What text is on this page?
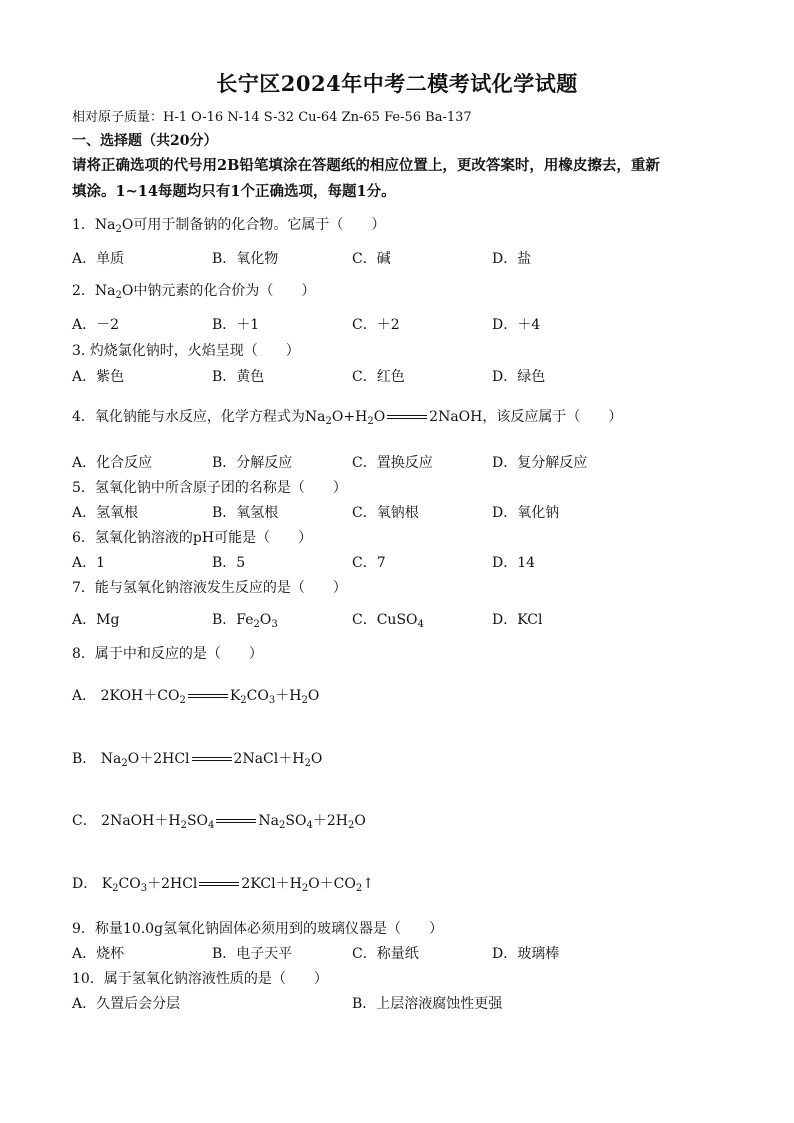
长宁区2024年中考二模考试化学试题
相对原子质量：H-1 O-16 N-14 S-32 Cu-64 Zn-65 Fe-56 Ba-137
一、选择题（共20分）
请将正确选项的代号用2B铅笔填涂在答题纸的相应位置上，更改答案时，用橡皮擦去，重新
填涂。1~14每题均只有1个正确选项，每题1分。
1．$Na_2O$可用于制备钠的化合物。它属于（　　）
A．单质	B．氧化物	C．碱	D．盐
2．$Na_2O$中钠元素的化合价为（　　）
A．－2	B．＋1	C．＋2	D．＋4
3. 灼烧氯化钠时，火焰呈现（　　）
A．紫色	B．黄色	C．红色	D．绿色
4．氧化钠能与水反应，化学方程式为$Na_2O+H_2O$	2NaOH，该反应属于（　　）
A．化合反应	B．分解反应	C．置换反应	D．复分解反应
5．氢氧化钠中所含原子团的名称是（　　）
A．氢氧根	B．氧氢根	C．氧钠根	D．氧化钠
6．氢氧化钠溶液的pH可能是（　　）
A．1	B．5	C．7	D．14
7．能与氢氧化钠溶液发生反应的是（　　）
A．Mg	B．$Fe_2O_3$	C．CuSO$_4$	D．KCl
8．属于中和反应的是（　　）
A． $2KOH+CO_2$	$K_2CO_3+H_2O$
B． $Na_2O+2HCl$	$2NaCl+H_2O$
C． $2NaOH+H_2SO_4$	$Na_2SO_4+2H_2O$
D． $K_2CO_3+2HCl$	$2KCl+H_2O+CO_2↑$
9．称量10.0g氢氧化钠固体必须用到的玻璃仪器是（　　）
A．烧杯	B．电子天平	C．称量纸	D．玻璃棒
10．属于氢氧化钠溶液性质的是（　　）
A．久置后会分层	B．上层溶液腐蚀性更强
